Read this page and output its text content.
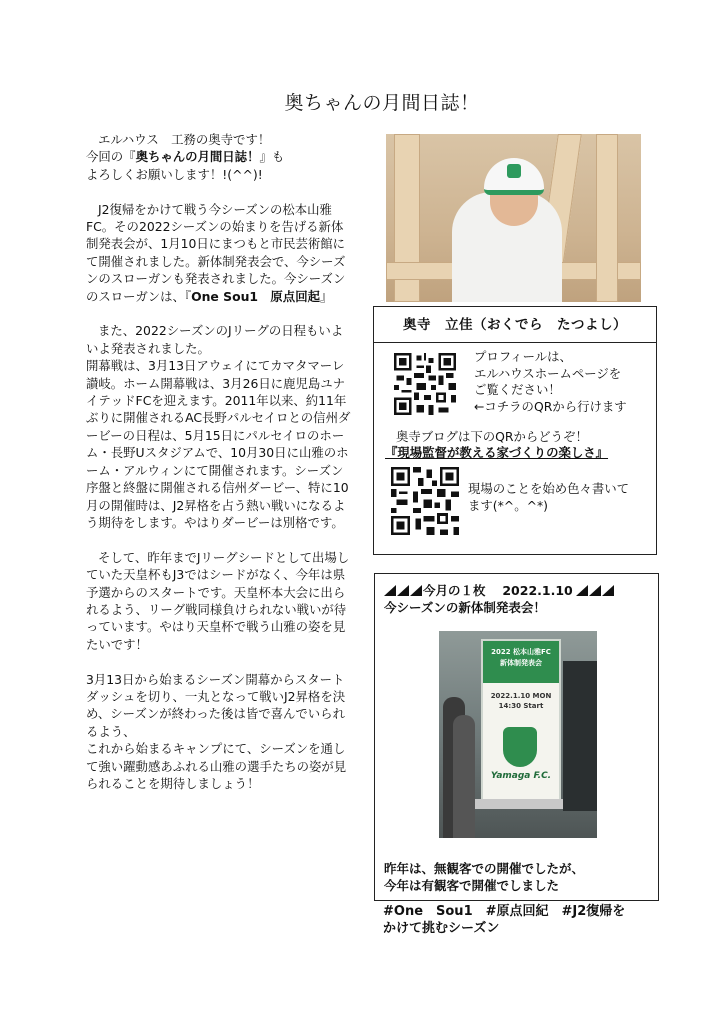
奥ちゃんの月間日誌！

エルハウス　工務の奥寺です！
今回の『奥ちゃんの月間日誌！』も
よろしくお願いします！!(^^)!

J2復帰をかけて戦う今シーズンの松本山雅FC。その2022シーズンの始まりを告げる新体制発表会が、1月10日にまつもと市民芸術館にて開催されました。新体制発表会で、今シーズンのスローガンも発表されました。今シーズンのスローガンは、『One Sou1　原点回起』

また、2022シーズンのJリーグの日程もいよいよ発表されました。
開幕戦は、3月13日アウェイにてカマタマーレ讃岐。ホーム開幕戦は、3月26日に鹿児島ユナイテッドFCを迎えます。2011年以来、約11年ぶりに開催されるAC長野パルセイロとの信州ダービーの日程は、5月15日にパルセイロのホーム・長野Uスタジアムで、10月30日に山雅のホーム・アルウィンにて開催されます。シーズン序盤と終盤に開催される信州ダービー、特に10月の開催時は、J2昇格を占う熱い戦いになるよう期待をします。やはりダービーは別格です。

そして、昨年までJリーグシードとして出場していた天皇杯もJ3ではシードがなく、今年は県予選からのスタートです。天皇杯本大会に出られるよう、リーグ戦同様負けられない戦いが待っています。やはり天皇杯で戦う山雅の姿を見たいです！

3月13日から始まるシーズン開幕からスタートダッシュを切り、一丸となって戦いJ2昇格を決め、シーズンが終わった後は皆で喜んでいられるよう、
これから始まるキャンプにて、シーズンを通して強い躍動感あふれる山雅の選手たちの姿が見られることを期待しましょう！

奥寺　立佳（おくでら　たつよし）
プロフィールは、
エルハウスホームページを
ご覧ください！
←コチラのQRから行けます
奥寺ブログは下のQRからどうぞ！
『現場監督が教える家づくりの楽しさ』
現場のことを始め色々書いて
ます(*^。^*)
今月の１枚　 2022.1.10
今シーズンの新体制発表会！
2022 松本山雅FC
新体制発表会
2022.1.10 MON
14:30 Start
Yamaga F.C.
昨年は、無観客での開催でしたが、
今年は有観客で開催でしました
#One　Sou1　#原点回紀　#J2復帰を
かけて挑むシーズン
